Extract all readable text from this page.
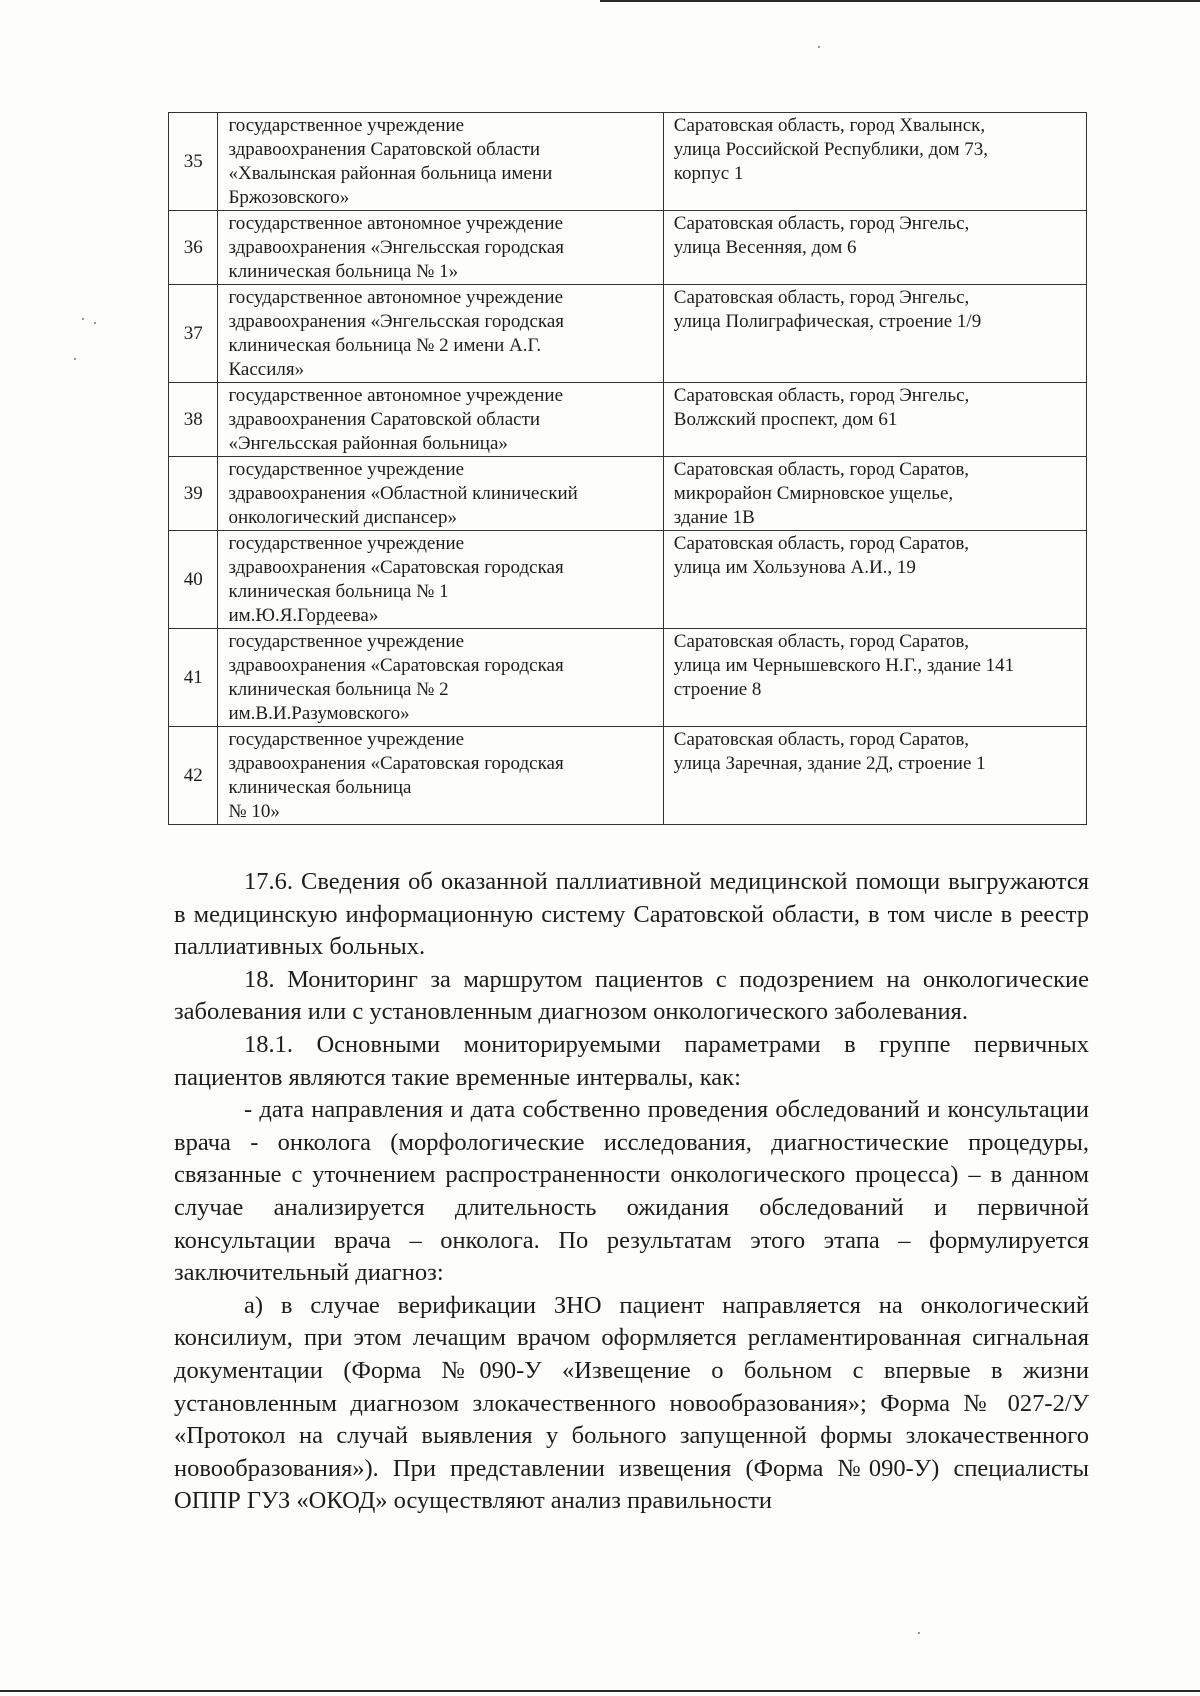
35	государственное учреждение
здравоохранения Саратовской области
«Хвалынская районная больница имени
Бржозовского»	Саратовская область, город Хвалынск,
улица Российской Республики, дом 73,
корпус 1

36	государственное автономное учреждение
здравоохранения «Энгельсская городская
клиническая больница № 1»	Саратовская область, город Энгельс,
улица Весенняя, дом 6

37	государственное автономное учреждение
здравоохранения «Энгельсская городская
клиническая больница № 2 имени А.Г.
Кассиля»	Саратовская область, город Энгельс,
улица Полиграфическая, строение 1/9

38	государственное автономное учреждение
здравоохранения Саратовской области
«Энгельсская районная больница»	Саратовская область, город Энгельс,
Волжский проспект, дом 61

39	государственное учреждение
здравоохранения «Областной клинический
онкологический диспансер»	Саратовская область, город Саратов,
микрорайон Смирновское ущелье,
здание 1В

40	государственное учреждение
здравоохранения «Саратовская городская
клиническая больница № 1
им.Ю.Я.Гордеева»	Саратовская область, город Саратов,
улица им Хользунова А.И., 19

41	государственное учреждение
здравоохранения «Саратовская городская
клиническая больница № 2
им.В.И.Разумовского»	Саратовская область, город Саратов,
улица им Чернышевского Н.Г., здание 141
строение 8

42	государственное учреждение
здравоохранения «Саратовская городская
клиническая больница
№ 10»	Саратовская область, город Саратов,
улица Заречная, здание 2Д, строение 1

17.6. Сведения об оказанной паллиативной медицинской помощи выгружаются в медицинскую информационную систему Саратовской области, в том числе в реестр паллиативных больных.

18. Мониторинг за маршрутом пациентов с подозрением на онкологические заболевания или с установленным диагнозом онкологического заболевания.

18.1. Основными мониторируемыми параметрами в группе первичных пациентов являются такие временные интервалы, как:

- дата направления и дата собственно проведения обследований и консультации врача - онколога (морфологические исследования, диагностические процедуры, связанные с уточнением распространенности онкологического процесса) – в данном случае анализируется длительность ожидания обследований и первичной консультации врача – онколога. По результатам этого этапа – формулируется заключительный диагноз:

а) в случае верификации ЗНО пациент направляется на онкологический консилиум, при этом лечащим врачом оформляется регламентированная сигнальная документации (Форма №090-У «Извещение о больном с впервые в жизни установленным диагнозом злокачественного новообразования»; Форма № 027-2/У «Протокол на случай выявления у больного запущенной формы злокачественного новообразования»). При представлении извещения (Форма №090-У) специалисты ОППР ГУЗ «ОКОД» осуществляют анализ правильности
